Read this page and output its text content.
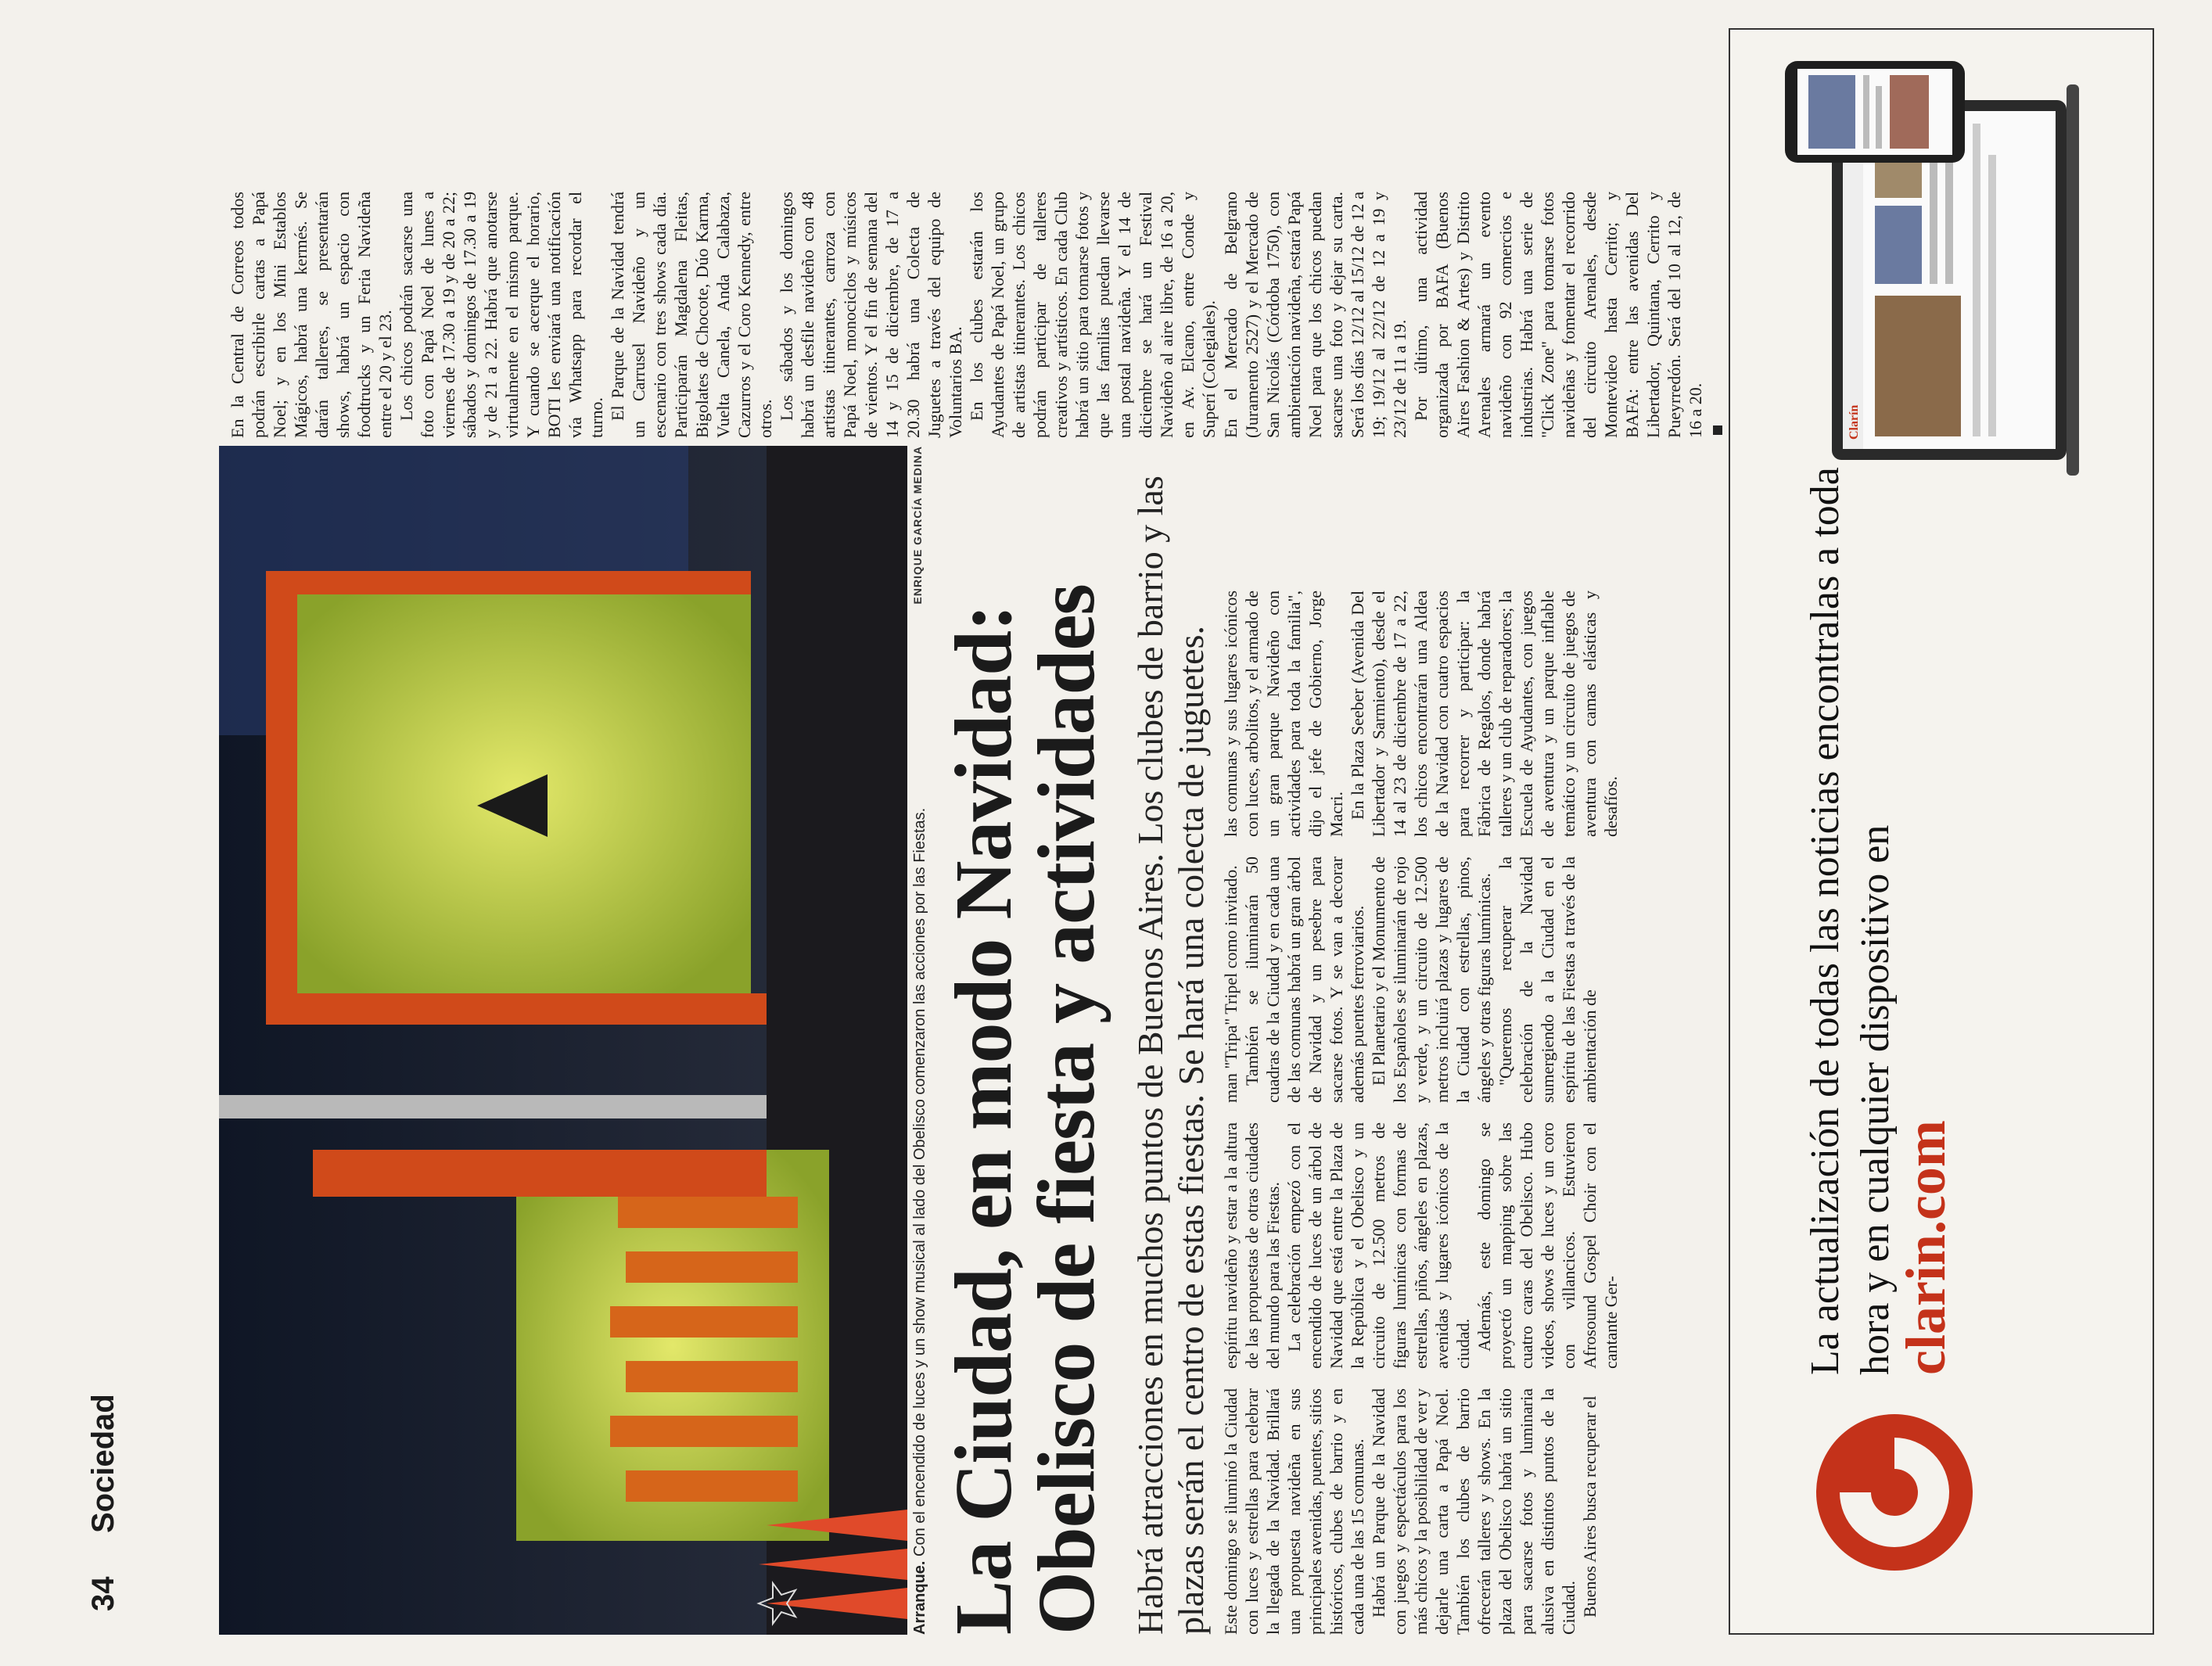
34
Sociedad
Arranque. Con el encendido de luces y un show musical al lado del Obelisco comenzaron las acciones por las Fiestas.
ENRIQUE GARCÍA MEDINA
La Ciudad, en modo Navidad: Obelisco de fiesta y actividades Habrá atracciones en muchos puntos de Buenos Aires. Los clubes de barrio y las plazas serán el centro de estas fiestas. Se hará una colecta de juguetes. Este domingo se iluminó la Ciudad con luces y estrellas para celebrar la llegada de la Navidad. Brillará una propuesta navideña en sus principales avenidas, puentes, sitios históricos, clubes de barrio y en cada una de las 15 comunas. Habrá un Parque de la Navidad con juegos y espectáculos para los más chicos y la posibilidad de ver y dejarle una carta a Papá Noel. También los clubes de barrio ofrecerán talleres y shows. En la plaza del Obelisco habrá un sitio para sacarse fotos y luminaria alusiva en distintos puntos de la Ciudad. Buenos Aires busca recuperar el

espíritu navideño y estar a la altura de las propuestas de otras ciudades del mundo para las Fiestas. La celebración empezó con el encendido de luces de un árbol de Navidad que está entre la Plaza de la República y el Obelisco y un circuito de 12.500 metros de figuras lumínicas con formas de estrellas, piños, ángeles en plazas, avenidas y lugares icónicos de la ciudad. Además, este domingo se proyectó un mapping sobre las cuatro caras del Obelisco. Hubo videos, shows de luces y un coro con villancicos. Estuvieron Afrosound Gospel Choir con el cantante Ger-

man "Tripa" Tripel como invitado. También se iluminarán 50 cuadras de la Ciudad y en cada una de las comunas habrá un gran árbol de Navidad y un pesebre para sacarse fotos. Y se van a decorar además puentes ferroviarios. El Planetario y el Monumento de los Españoles se iluminarán de rojo y verde, y un circuito de 12.500 metros incluirá plazas y lugares de la Ciudad con estrellas, pinos, ángeles y otras figuras lumínicas. "Queremos recuperar la celebración de la Navidad sumergiendo a la Ciudad en el espíritu de las Fiestas a través de la ambientación de

las comunas y sus lugares icónicos con luces, arbolitos, y el armado de un gran parque Navideño con actividades para toda la familia", dijo el jefe de Gobierno, Jorge Macri. En la Plaza Seeber (Avenida Del Libertador y Sarmiento), desde el 14 al 23 de diciembre de 17 a 22, los chicos encontrarán una Aldea de la Navidad con cuatro espacios para recorrer y participar: la Fábrica de Regalos, donde habrá talleres y un club de reparadores; la Escuela de Ayudantes, con juegos de aventura y un parque inflable temático y un circuito de juegos de aventura con camas elásticas y desafíos.

En la Central de Correos todos podrán escribirle cartas a Papá Noel; y en los Mini Establos Mágicos, habrá una kermés. Se darán talleres, se presentarán shows, habrá un espacio con foodtrucks y un Feria Navideña entre el 20 y el 23. Los chicos podrán sacarse una foto con Papá Noel de lunes a viernes de 17.30 a 19 y de 20 a 22; sábados y domingos de 17.30 a 19 y de 21 a 22. Habrá que anotarse virtualmente en el mismo parque. Y cuando se acerque el horario, BOTI les enviará una notificación vía Whatsapp para recordar el turno. El Parque de la Navidad tendrá un Carrusel Navideño y un escenario con tres shows cada día. Participarán Magdalena Fleitas, Bigolates de Chocote, Dúo Karma, Vuelta Canela, Anda Calabaza, Cazurros y el Coro Kennedy, entre otros. Los sábados y los domingos habrá un desfile navideño con 48 artistas itinerantes, carroza con Papá Noel, monociclos y músicos de vientos. Y el fin de semana del 14 y 15 de diciembre, de 17 a 20.30 habrá una Colecta de Juguetes a través del equipo de Voluntarios BA. En los clubes estarán los Ayudantes de Papá Noel, un grupo de artistas itinerantes. Los chicos podrán participar de talleres creativos y artísticos. En cada Club habrá un sitio para tomarse fotos y que las familias puedan llevarse una postal navideña. Y el 14 de diciembre se hará un Festival Navideño al aire libre, de 16 a 20, en Av. Elcano, entre Conde y Superí (Colegiales). En el Mercado de Belgrano (Juramento 2527) y el Mercado de San Nicolás (Córdoba 1750), con ambientación navideña, estará Papá Noel para que los chicos puedan sacarse una foto y dejar su carta. Será los días 12/12 al 15/12 de 12 a 19; 19/12 al 22/12 de 12 a 19 y 23/12 de 11 a 19. Por último, una actividad organizada por BAFA (Buenos Aires Fashion & Artes) y Distrito Arenales armará un evento navideño con 92 comercios e industrias. Habrá una serie de "Click Zone" para tomarse fotos navideñas y fomentar el recorrido del circuito Arenales, desde Montevideo hasta Cerrito; y BAFA: entre las avenidas Del Libertador, Quintana, Cerrito y Pueyrredón. Será del 10 al 12, de 16 a 20.

La actualización de todas las noticias encontralas a toda hora y en cualquier dispositivo en
clarin.com
Clarín
